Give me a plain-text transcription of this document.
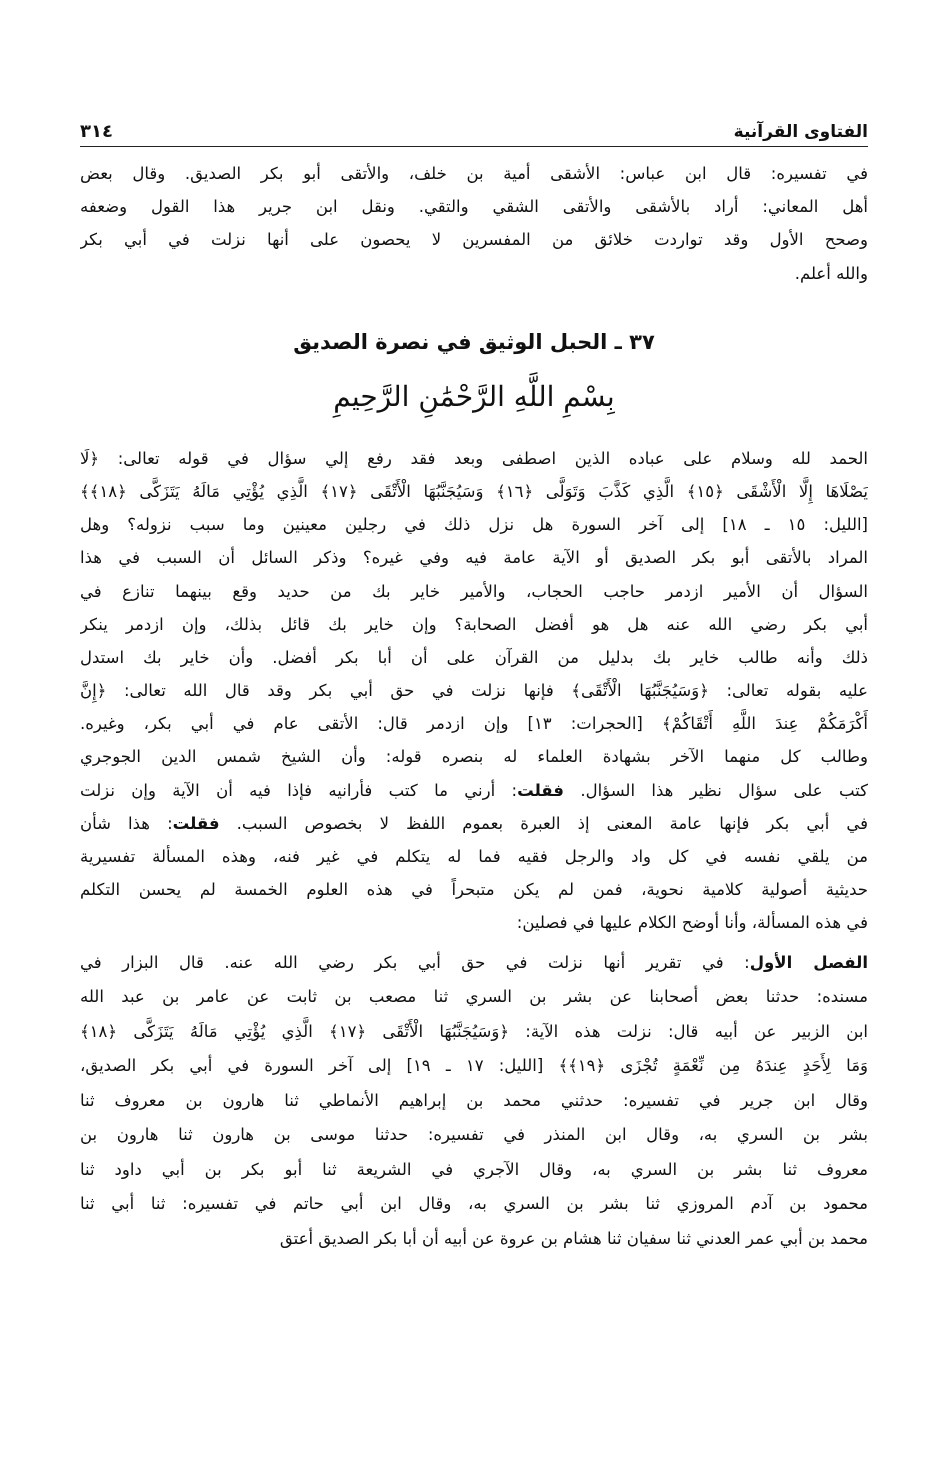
الفتاوى القرآنية
٣١٤
في تفسيره: قال ابن عباس: الأشقى أمية بن خلف، والأتقى أبو بكر الصديق. وقال بعض
أهل المعاني: أراد بالأشقى والأتقى الشقي والتقي. ونقل ابن جرير هذا القول وضعفه
وصحح الأول وقد تواردت خلائق من المفسرين لا يحصون على أنها نزلت في أبي بكر
والله أعلم.
٣٧ ـ الحبل الوثيق في نصرة الصديق
بِسْمِ اللَّهِ الرَّحْمَٰنِ الرَّحِيمِ
الحمد لله وسلام على عباده الذين اصطفى وبعد فقد رفع إلي سؤال في قوله تعالى: ﴿لَا
يَصْلَاهَا إِلَّا الْأَشْقَى ﴿١٥﴾ الَّذِي كَذَّبَ وَتَوَلَّى ﴿١٦﴾ وَسَيُجَنَّبُهَا الْأَتْقَى ﴿١٧﴾ الَّذِي يُؤْتِي مَالَهُ يَتَزَكَّى ﴿١٨﴾﴾
[الليل: ١٥ ـ ١٨] إلى آخر السورة هل نزل ذلك في رجلين معينين وما سبب نزوله؟ وهل
المراد بالأتقى أبو بكر الصديق أو الآية عامة فيه وفي غيره؟ وذكر السائل أن السبب في هذا
السؤال أن الأمير ازدمر حاجب الحجاب، والأمير خاير بك من حديد وقع بينهما تنازع في
أبي بكر رضي الله عنه هل هو أفضل الصحابة؟ وإن خاير بك قائل بذلك، وإن ازدمر ينكر
ذلك وأنه طالب خاير بك بدليل من القرآن على أن أبا بكر أفضل. وأن خاير بك استدل
عليه بقوله تعالى: ﴿وَسَيُجَنَّبُهَا الْأَتْقَى﴾ فإنها نزلت في حق أبي بكر وقد قال الله تعالى: ﴿إِنَّ
أَكْرَمَكُمْ عِندَ اللَّهِ أَتْقَاكُمْ﴾ [الحجرات: ١٣] وإن ازدمر قال: الأتقى عام في أبي بكر، وغيره.
وطالب كل منهما الآخر بشهادة العلماء له بنصره قوله: وأن الشيخ شمس الدين الجوجري
كتب على سؤال نظير هذا السؤال. فقلت: أرني ما كتب فأرانيه فإذا فيه أن الآية وإن نزلت
في أبي بكر فإنها عامة المعنى إذ العبرة بعموم اللفظ لا بخصوص السبب. فقلت: هذا شأن
من يلقي نفسه في كل واد والرجل فقيه فما له يتكلم في غير فنه، وهذه المسألة تفسيرية
حديثية أصولية كلامية نحوية، فمن لم يكن متبحراً في هذه العلوم الخمسة لم يحسن التكلم
في هذه المسألة، وأنا أوضح الكلام عليها في فصلين:
الفصل الأول: في تقرير أنها نزلت في حق أبي بكر رضي الله عنه. قال البزار في
مسنده: حدثنا بعض أصحابنا عن بشر بن السري ثنا مصعب بن ثابت عن عامر بن عبد الله
ابن الزبير عن أبيه قال: نزلت هذه الآية: ﴿وَسَيُجَنَّبُهَا الْأَتْقَى ﴿١٧﴾ الَّذِي يُؤْتِي مَالَهُ يَتَزَكَّى ﴿١٨﴾
وَمَا لِأَحَدٍ عِندَهُ مِن نِّعْمَةٍ تُجْزَى ﴿١٩﴾﴾ [الليل: ١٧ ـ ١٩] إلى آخر السورة في أبي بكر الصديق،
وقال ابن جرير في تفسيره: حدثني محمد بن إبراهيم الأنماطي ثنا هارون بن معروف ثنا
بشر بن السري به، وقال ابن المنذر في تفسيره: حدثنا موسى بن هارون ثنا هارون بن
معروف ثنا بشر بن السري به، وقال الآجري في الشريعة ثنا أبو بكر بن أبي داود ثنا
محمود بن آدم المروزي ثنا بشر بن السري به، وقال ابن أبي حاتم في تفسيره: ثنا أبي ثنا
محمد بن أبي عمر العدني ثنا سفيان ثنا هشام بن عروة عن أبيه أن أبا بكر الصديق أعتق
